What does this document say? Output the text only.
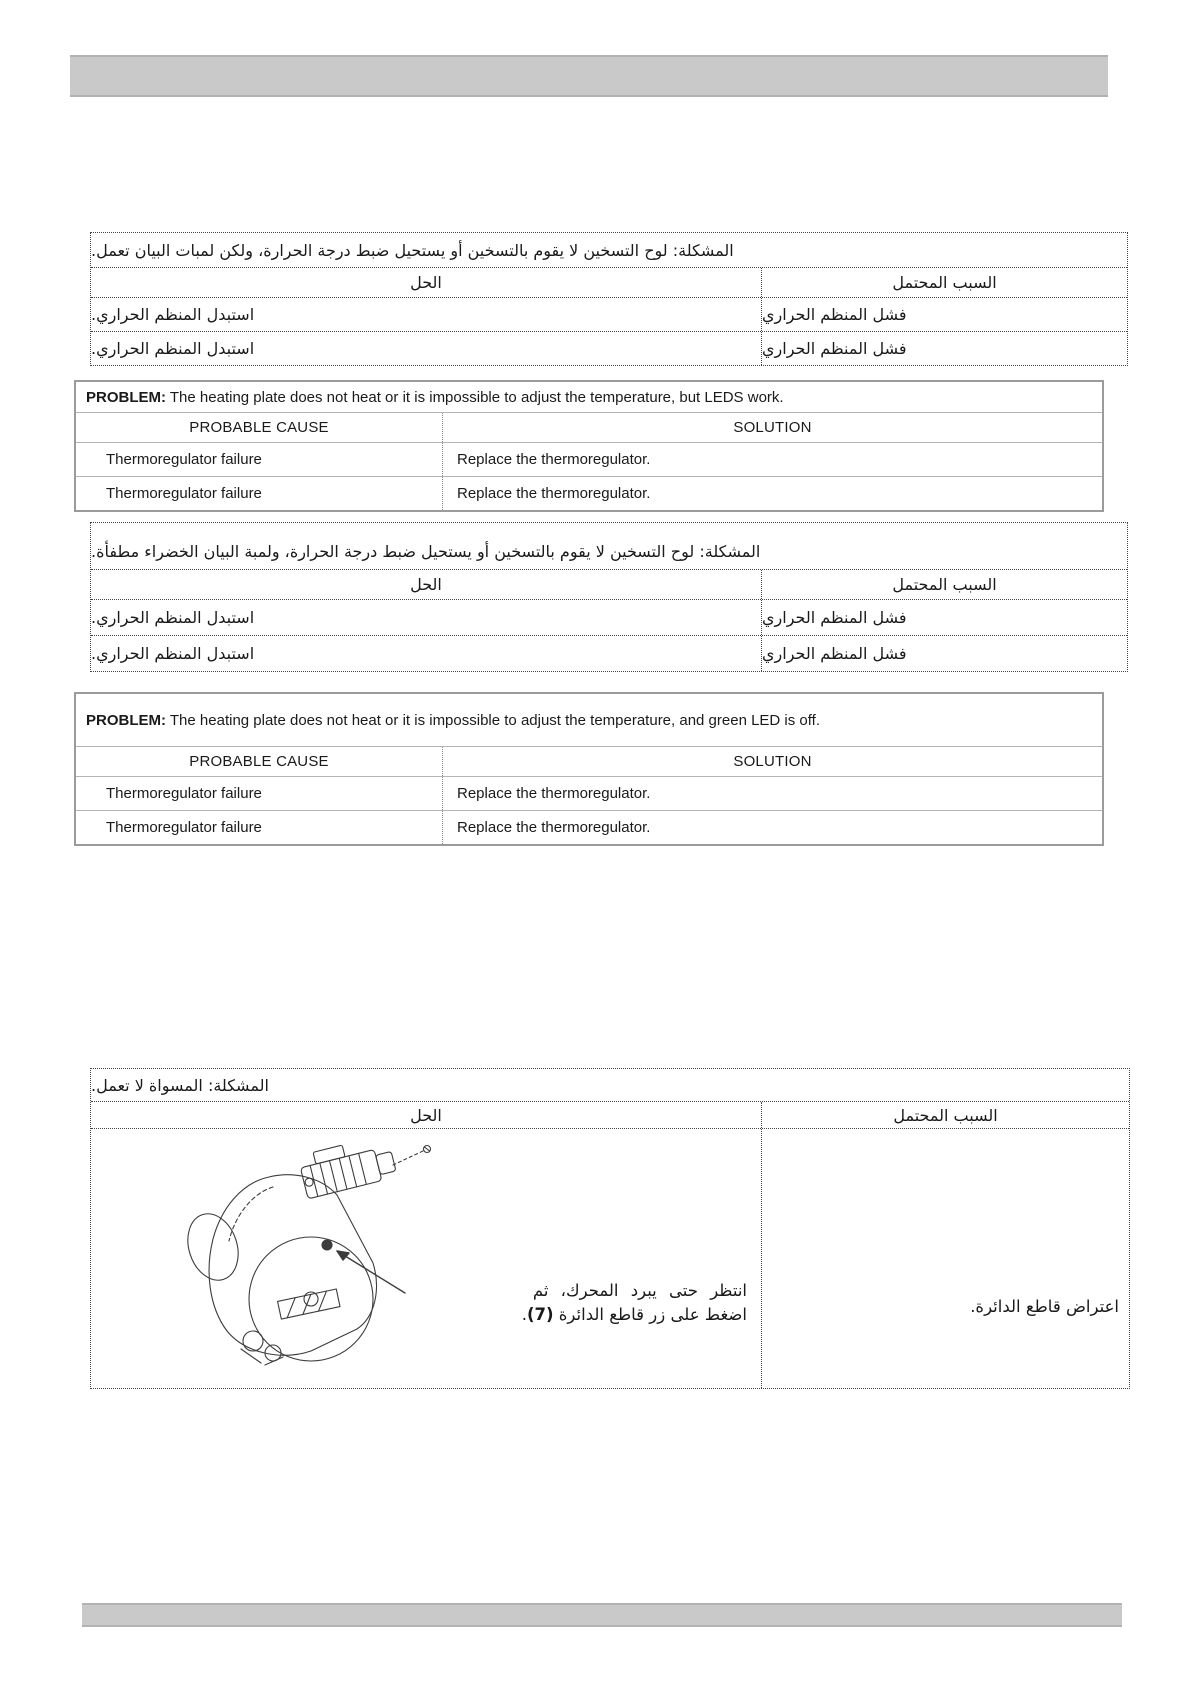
المشكلة: لوح التسخين لا يقوم بالتسخين أو يستحيل ضبط درجة الحرارة، ولكن لمبات البيان تعمل.
الحل	السبب المحتمل
استبدل المنظم الحراري.	فشل المنظم الحراري
استبدل المنظم الحراري.	فشل المنظم الحراري
PROBLEM: The heating plate does not heat or it is impossible to adjust the temperature, but LEDS work.
PROBABLE CAUSE	SOLUTION
Thermoregulator failure	Replace the thermoregulator.
Thermoregulator failure	Replace the thermoregulator.
المشكلة: لوح التسخين لا يقوم بالتسخين أو يستحيل ضبط درجة الحرارة، ولمبة البيان الخضراء مطفأة.
الحل	السبب المحتمل
استبدل المنظم الحراري.	فشل المنظم الحراري
استبدل المنظم الحراري.	فشل المنظم الحراري
PROBLEM: The heating plate does not heat or it is impossible to adjust the temperature, and green LED is off.
PROBABLE CAUSE	SOLUTION
Thermoregulator failure	Replace the thermoregulator.
Thermoregulator failure	Replace the thermoregulator.
المشكلة: المسواة لا تعمل.
الحل	السبب المحتمل
انتظر حتى يبرد المحرك، ثم
اضغط على زر قاطع الدائرة (7).	اعتراض قاطع الدائرة.
